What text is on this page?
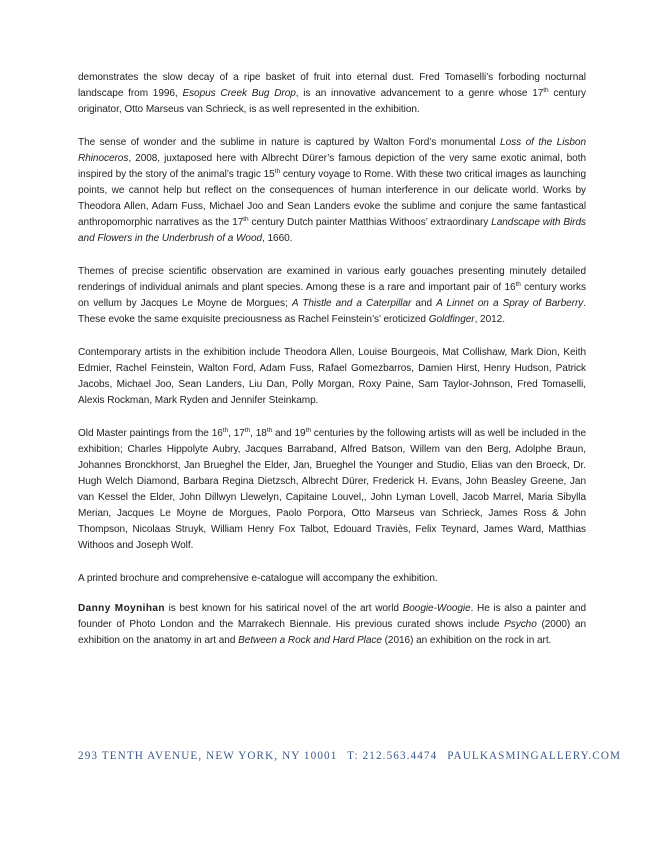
demonstrates the slow decay of a ripe basket of fruit into eternal dust. Fred Tomaselli’s forboding nocturnal landscape from 1996, Esopus Creek Bug Drop, is an innovative advancement to a genre whose 17th century originator, Otto Marseus van Schrieck, is as well represented in the exhibition.

The sense of wonder and the sublime in nature is captured by Walton Ford’s monumental Loss of the Lisbon Rhinoceros, 2008, juxtaposed here with Albrecht Dürer’s famous depiction of the very same exotic animal, both inspired by the story of the animal’s tragic 15th century voyage to Rome. With these two critical images as launching points, we cannot help but reflect on the consequences of human interference in our delicate world. Works by Theodora Allen, Adam Fuss, Michael Joo and Sean Landers evoke the sublime and conjure the same fantastical anthropomorphic narratives as the 17th century Dutch painter Matthias Withoos’ extraordinary Landscape with Birds and Flowers in the Underbrush of a Wood, 1660.

Themes of precise scientific observation are examined in various early gouaches presenting minutely detailed renderings of individual animals and plant species. Among these is a rare and important pair of 16th century works on vellum by Jacques Le Moyne de Morgues; A Thistle and a Caterpillar and A Linnet on a Spray of Barberry. These evoke the same exquisite preciousness as Rachel Feinstein’s’ eroticized Goldfinger, 2012.

Contemporary artists in the exhibition include Theodora Allen, Louise Bourgeois, Mat Collishaw, Mark Dion, Keith Edmier, Rachel Feinstein, Walton Ford, Adam Fuss, Rafael Gomezbarros, Damien Hirst, Henry Hudson, Patrick Jacobs, Michael Joo, Sean Landers, Liu Dan, Polly Morgan, Roxy Paine, Sam Taylor-Johnson, Fred Tomaselli, Alexis Rockman, Mark Ryden and Jennifer Steinkamp.

Old Master paintings from the 16th, 17th, 18th and 19th centuries by the following artists will as well be included in the exhibition; Charles Hippolyte Aubry, Jacques Barraband, Alfred Batson, Willem van den Berg, Adolphe Braun, Johannes Bronckhorst, Jan Brueghel the Elder, Jan, Brueghel the Younger and Studio, Elias van den Broeck, Dr. Hugh Welch Diamond, Barbara Regina Dietzsch, Albrecht Dürer, Frederick H. Evans, John Beasley Greene, Jan van Kessel the Elder, John Dillwyn Llewelyn, Capitaine Louvel,, John Lyman Lovell, Jacob Marrel, Maria Sibylla Merian, Jacques Le Moyne de Morgues, Paolo Porpora, Otto Marseus van Schrieck, James Ross & John Thompson, Nicolaas Struyk, William Henry Fox Talbot, Edouard Traviès, Felix Teynard, James Ward, Matthias Withoos and Joseph Wolf.

A printed brochure and comprehensive e-catalogue will accompany the exhibition.

Danny Moynihan is best known for his satirical novel of the art world Boogie-Woogie. He is also a painter and founder of Photo London and the Marrakech Biennale. His previous curated shows include Psycho (2000) an exhibition on the anatomy in art and Between a Rock and Hard Place (2016) an exhibition on the rock in art.

293 TENTH AVENUE, NEW YORK, NY 10001 T: 212.563.4474 PAULKASMINGALLERY.COM
